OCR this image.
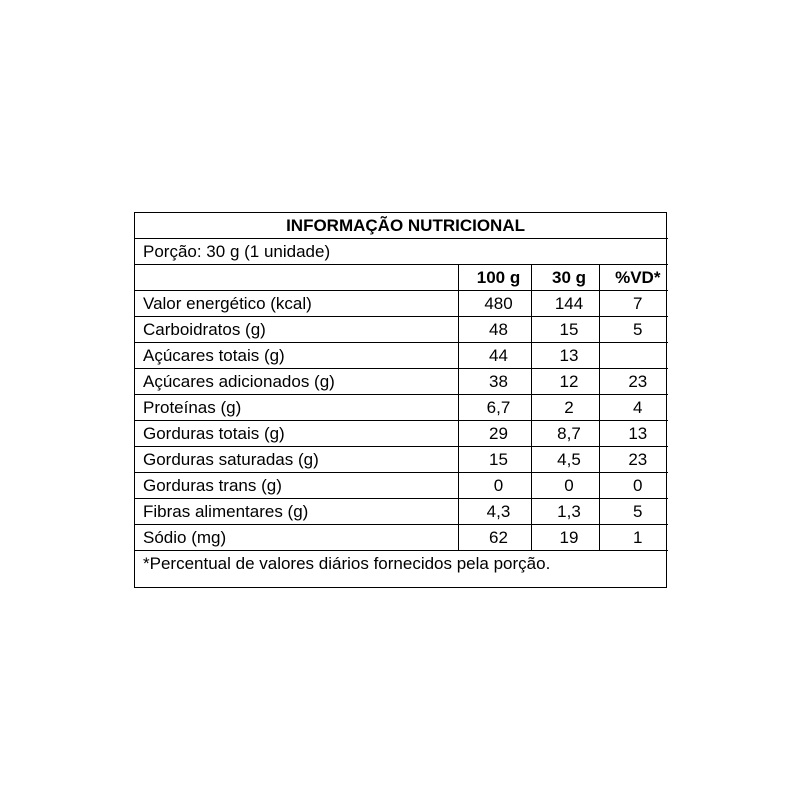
INFORMAÇÃO NUTRICIONAL			
Porção: 30 g (1 unidade)			
	100 g	30 g	%VD*
Valor energético (kcal)	480	144	7
Carboidratos (g)	48	15	5
Açúcares totais (g)	44	13	
Açúcares adicionados (g)	38	12	23
Proteínas (g)	6,7	2	4
Gorduras totais (g)	29	8,7	13
Gorduras saturadas (g)	15	4,5	23
Gorduras trans (g)	0	0	0
Fibras alimentares (g)	4,3	1,3	5
Sódio (mg)	62	19	1
*Percentual de valores diários fornecidos pela porção.			
